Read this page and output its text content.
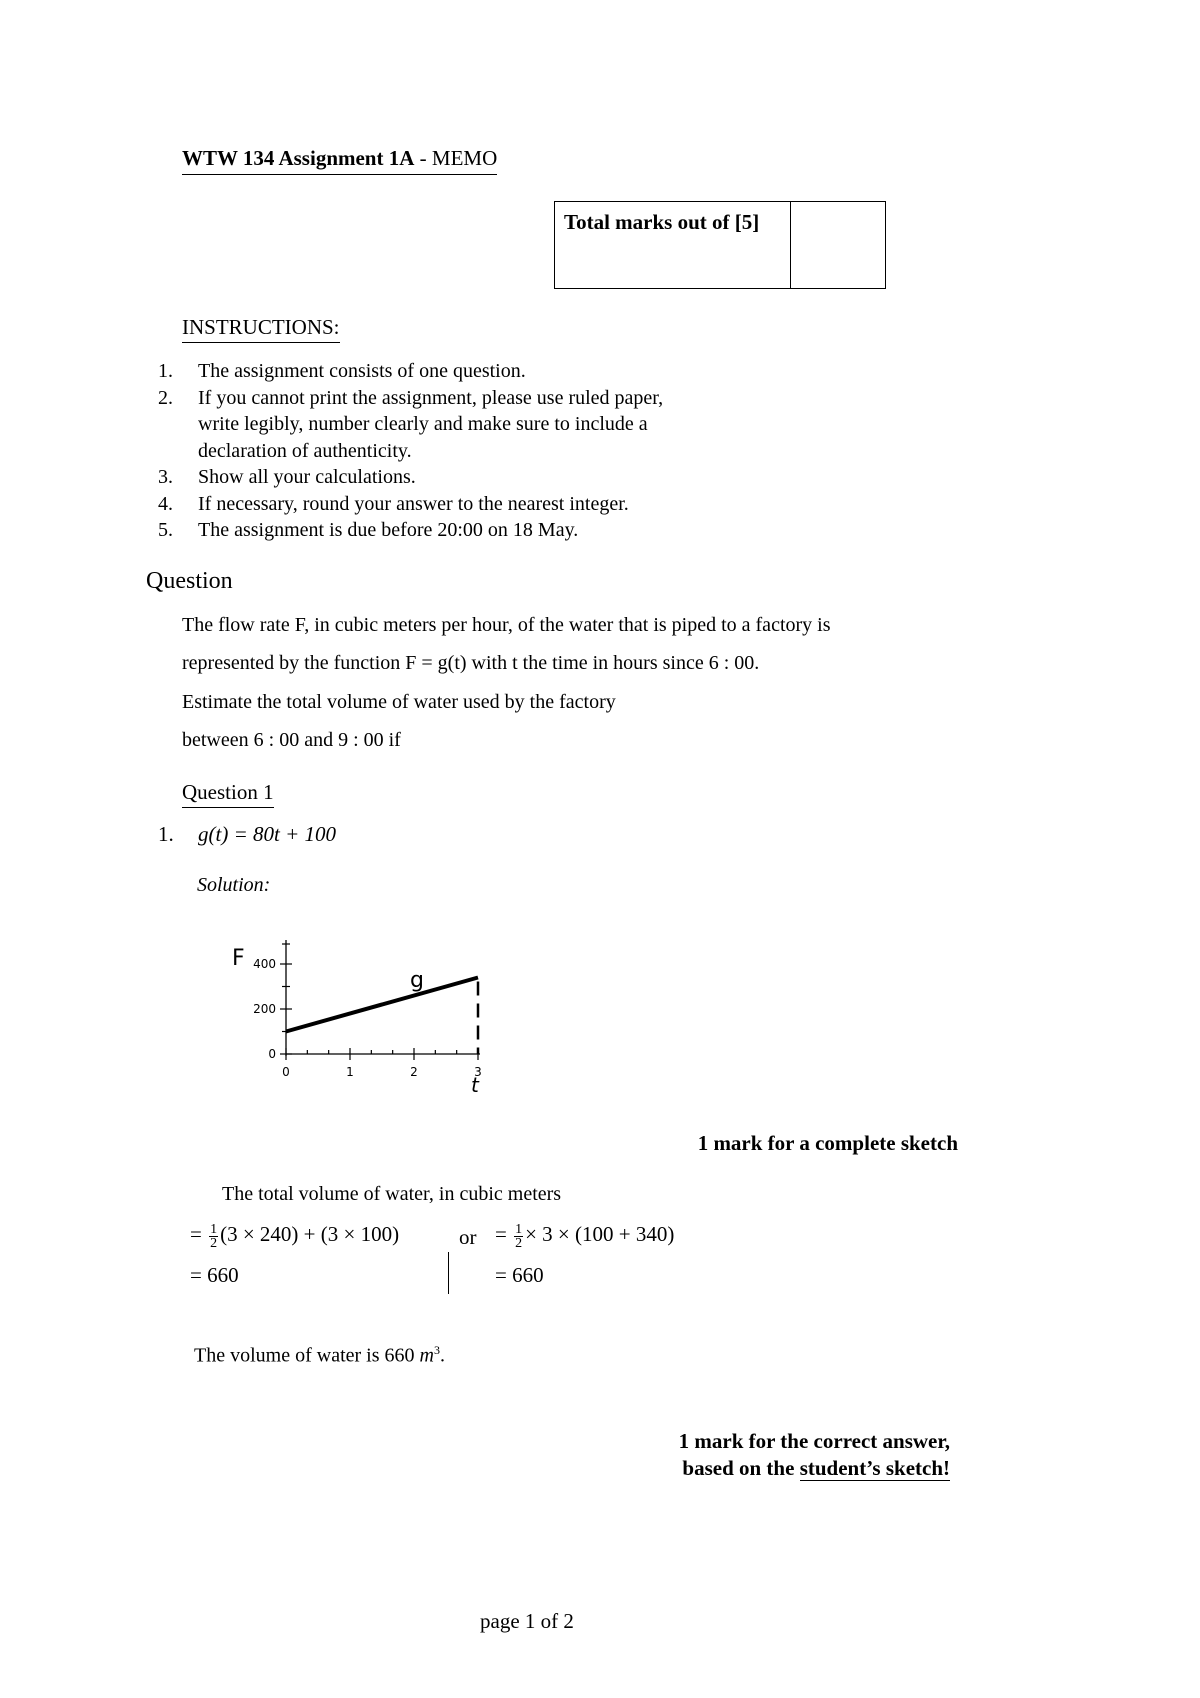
WTW 134 Assignment 1A - MEMO
Total marks out of [5]
INSTRUCTIONS:
1.	The assignment consists of one question.
2.	If you cannot print the assignment, please use ruled paper,
write legibly, number clearly and make sure to include a
declaration of authenticity.
3.	Show all your calculations.
4.	If necessary, round your answer to the nearest integer.
5.	The assignment is due before 20:00 on 18 May.
Question
The flow rate F, in cubic meters per hour, of the water that is piped to a factory is
represented by the function F = g(t) with t the time in hours since 6 : 00.
Estimate the total volume of water used by the factory
between 6 : 00 and 9 : 00 if
Question 1
1. g(t) = 80t + 100
Solution:
0	1	2	3
0
200
400
F
t
g
1 mark for a complete sketch
The total volume of water, in cubic meters
= $\frac{1}{2} (3 \times 240) + (3 \times 100)$	or = $\frac{1}{2} \times 3 \times (100 + 340)$
= 660	= 660
The volume of water is 660 $m^3$.
1 mark for the correct answer,
based on the student’s sketch!
page 1 of 2
